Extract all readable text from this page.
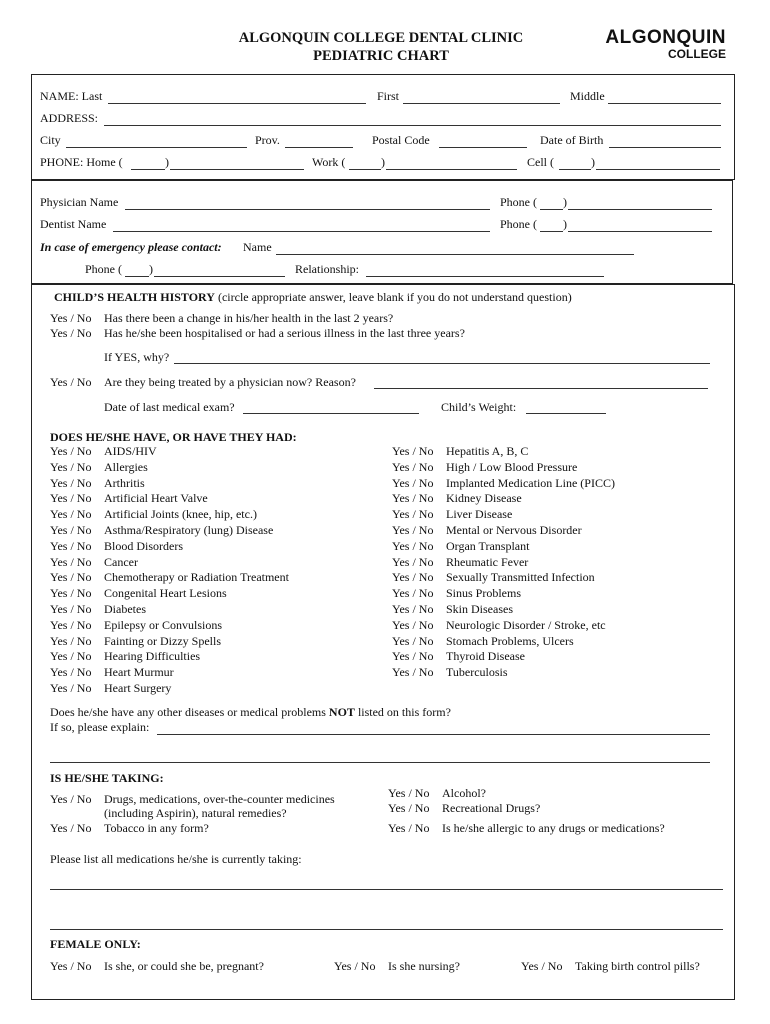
ALGONQUIN COLLEGE DENTAL CLINIC
PEDIATRIC CHART
ALGONQUIN
COLLEGE
NAME: Last	First	Middle
ADDRESS:
City	Prov.	Postal Code	Date of Birth
PHONE: Home (	)	Work (	)	Cell (	)
Physician Name	Phone ( )
Dentist Name	Phone ( )
In case of emergency please contact: Name
Phone ( )	Relationship:
CHILD’S HEALTH HISTORY (circle appropriate answer, leave blank if you do not understand question)
Yes / No Has there been a change in his/her health in the last 2 years?
Yes / No Has he/she been hospitalised or had a serious illness in the last three years?
If YES, why?
Yes / No Are they being treated by a physician now? Reason?
Date of last medical exam?	Child’s Weight:
DOES HE/SHE HAVE, OR HAVE THEY HAD:
Yes / No AIDS/HIV
Yes / No Allergies
Yes / No Arthritis
Yes / No Artificial Heart Valve
Yes / No Artificial Joints (knee, hip, etc.)
Yes / No Asthma/Respiratory (lung) Disease
Yes / No Blood Disorders
Yes / No Cancer
Yes / No Chemotherapy or Radiation Treatment
Yes / No Congenital Heart Lesions
Yes / No Diabetes
Yes / No Epilepsy or Convulsions
Yes / No Fainting or Dizzy Spells
Yes / No Hearing Difficulties
Yes / No Heart Murmur
Yes / No Heart Surgery
Yes / No Hepatitis A, B, C
Yes / No High / Low Blood Pressure
Yes / No Implanted Medication Line (PICC)
Yes / No Kidney Disease
Yes / No Liver Disease
Yes / No Mental or Nervous Disorder
Yes / No Organ Transplant
Yes / No Rheumatic Fever
Yes / No Sexually Transmitted Infection
Yes / No Sinus Problems
Yes / No Skin Diseases
Yes / No Neurologic Disorder / Stroke, etc
Yes / No Stomach Problems, Ulcers
Yes / No Thyroid Disease
Yes / No Tuberculosis
Does he/she have any other diseases or medical problems NOT listed on this form?
If so, please explain:
IS HE/SHE TAKING:
Yes / No Drugs, medications, over-the-counter medicines
(including Aspirin), natural remedies?
Yes / No Tobacco in any form?
Yes / No Alcohol?
Yes / No Recreational Drugs?
Yes / No Is he/she allergic to any drugs or medications?
Please list all medications he/she is currently taking:
FEMALE ONLY:
Yes / No Is she, or could she be, pregnant?	Yes / No Is she nursing?	Yes / No Taking birth control pills?
